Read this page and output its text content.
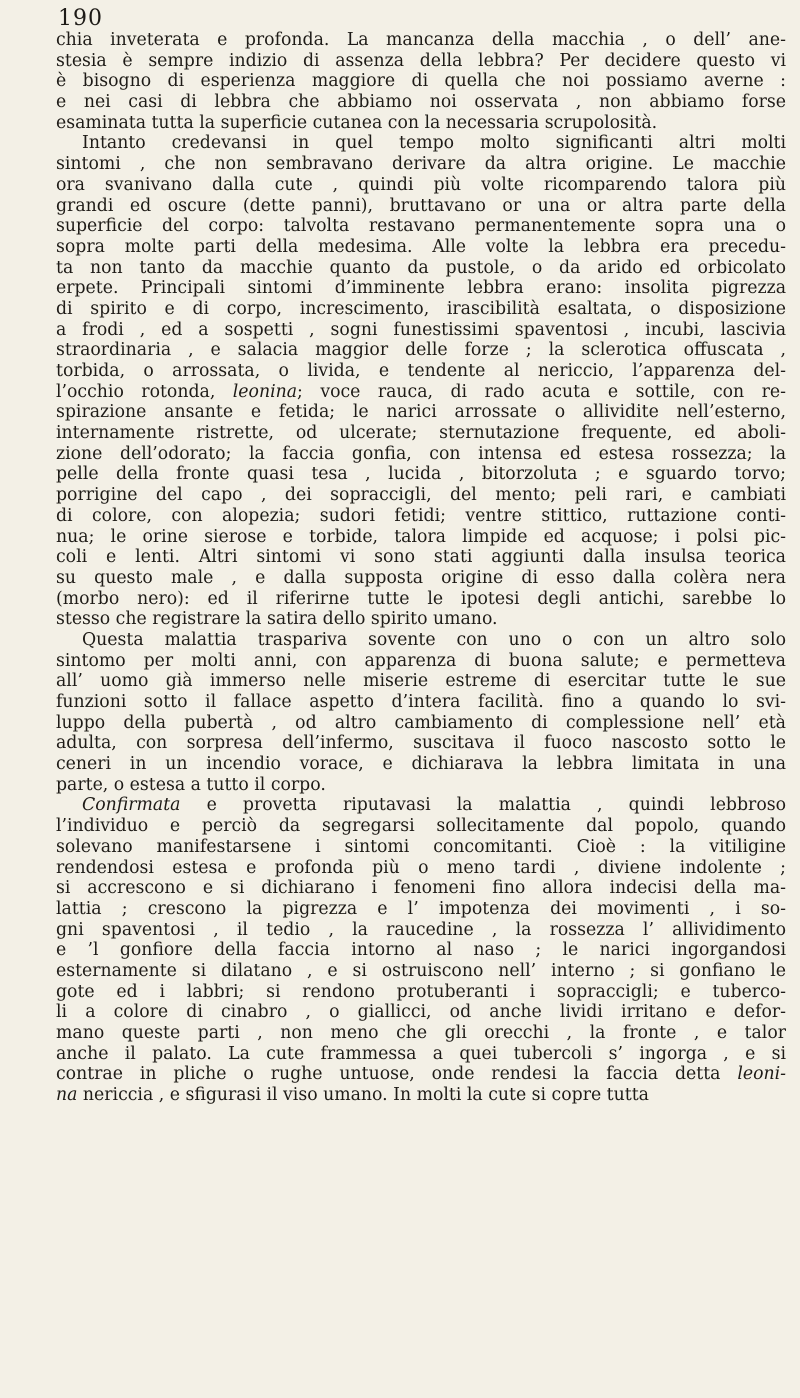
190
chia inveterata e profonda. La mancanza della macchia , o dell’ ane-
stesia è sempre indizio di assenza della lebbra? Per decidere questo vi
è bisogno di esperienza maggiore di quella che noi possiamo averne :
e nei casi di lebbra che abbiamo noi osservata , non abbiamo forse
esaminata tutta la superficie cutanea con la necessaria scrupolosità.
Intanto credevansi in quel tempo molto significanti altri molti
sintomi , che non sembravano derivare da altra origine. Le macchie
ora svanivano dalla cute , quindi più volte ricomparendo talora più
grandi ed oscure (dette panni), bruttavano or una or altra parte della
superficie del corpo: talvolta restavano permanentemente sopra una o
sopra molte parti della medesima. Alle volte la lebbra era precedu-
ta non tanto da macchie quanto da pustole, o da arido ed orbicolato
erpete. Principali sintomi d’imminente lebbra erano: insolita pigrezza
di spirito e di corpo, increscimento, irascibilità esaltata, o disposizione
a frodi , ed a sospetti , sogni funestissimi spaventosi , incubi, lascivia
straordinaria , e salacia maggior delle forze ; la sclerotica offuscata ,
torbida, o arrossata, o livida, e tendente al nericcio, l’apparenza del-
l’occhio rotonda, leonina; voce rauca, di rado acuta e sottile, con re-
spirazione ansante e fetida; le narici arrossate o allividite nell’esterno,
internamente ristrette, od ulcerate; sternutazione frequente, ed aboli-
zione dell’odorato; la faccia gonfia, con intensa ed estesa rossezza; la
pelle della fronte quasi tesa , lucida , bitorzoluta ; e sguardo torvo;
porrigine del capo , dei sopraccigli, del mento; peli rari, e cambiati
di colore, con alopezia; sudori fetidi; ventre stittico, ruttazione conti-
nua; le orine sierose e torbide, talora limpide ed acquose; i polsi pic-
coli e lenti. Altri sintomi vi sono stati aggiunti dalla insulsa teorica
su questo male , e dalla supposta origine di esso dalla colèra nera
(morbo nero): ed il riferirne tutte le ipotesi degli antichi, sarebbe lo
stesso che registrare la satira dello spirito umano.
Questa malattia traspariva sovente con uno o con un altro solo
sintomo per molti anni, con apparenza di buona salute; e permetteva
all’ uomo già immerso nelle miserie estreme di esercitar tutte le sue
funzioni sotto il fallace aspetto d’intera facilità. fino a quando lo svi-
luppo della pubertà , od altro cambiamento di complessione nell’ età
adulta, con sorpresa dell’infermo, suscitava il fuoco nascosto sotto le
ceneri in un incendio vorace, e dichiarava la lebbra limitata in una
parte, o estesa a tutto il corpo.
Confirmata e provetta riputavasi la malattia , quindi lebbroso
l’individuo e perciò da segregarsi sollecitamente dal popolo, quando
solevano manifestarsene i sintomi concomitanti. Cioè : la vitiligine
rendendosi estesa e profonda più o meno tardi , diviene indolente ;
si accrescono e si dichiarano i fenomeni fino allora indecisi della ma-
lattia ; crescono la pigrezza e l’ impotenza dei movimenti , i so-
gni spaventosi , il tedio , la raucedine , la rossezza l’ allividimento
e ’l gonfiore della faccia intorno al naso ; le narici ingorgandosi
esternamente si dilatano , e si ostruiscono nell’ interno ; si gonfiano le
gote ed i labbri; si rendono protuberanti i sopraccigli; e tuberco-
li a colore di cinabro , o giallicci, od anche lividi irritano e defor-
mano queste parti , non meno che gli orecchi , la fronte , e talor
anche il palato. La cute frammessa a quei tubercoli s’ ingorga , e si
contrae in pliche o rughe untuose, onde rendesi la faccia detta leoni-
na nericcia , e sfigurasi il viso umano. In molti la cute si copre tutta
